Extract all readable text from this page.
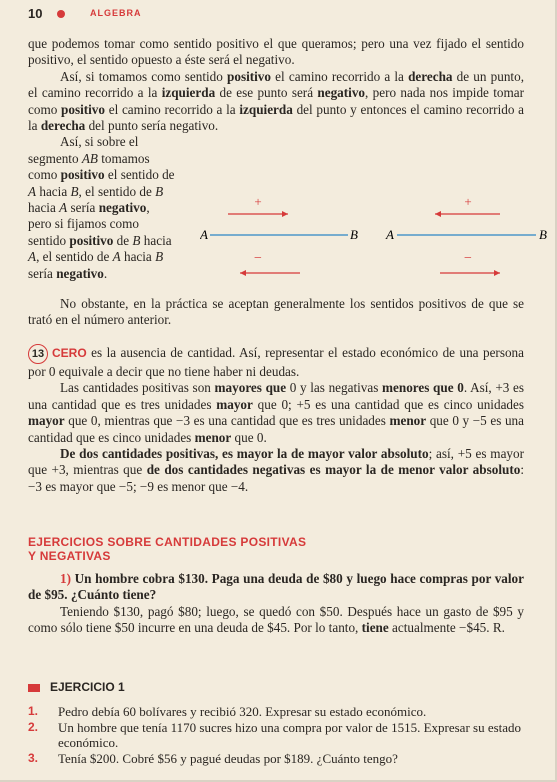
10	ALGEBRA

que podemos tomar como sentido positivo el que queramos; pero una vez fijado el sentido positivo, el sentido opuesto a éste será el negativo.

Así, si tomamos como sentido positivo el camino recorrido a la derecha de un punto, el camino recorrido a la izquierda de ese punto será negativo, pero nada nos impide tomar como positivo el camino recorrido a la izquierda del punto y entonces el camino recorrido a la derecha del punto sería negativo.

Así, si sobre el segmento AB tomamos como positivo el sentido de A hacia B, el sentido de B hacia A sería negativo, pero si fijamos como sentido positivo de B hacia A, el sentido de A hacia B sería negativo.

+	+
A	B A	B
−	−

No obstante, en la práctica se aceptan generalmente los sentidos positivos de que se trató en el número anterior.

13 CERO es la ausencia de cantidad. Así, representar el estado económico de una persona por 0 equivale a decir que no tiene haber ni deudas.

Las cantidades positivas son mayores que 0 y las negativas menores que 0. Así, +3 es una cantidad que es tres unidades mayor que 0; +5 es una cantidad que es cinco unidades mayor que 0, mientras que −3 es una cantidad que es tres unidades menor que 0 y −5 es una cantidad que es cinco unidades menor que 0.

De dos cantidades positivas, es mayor la de mayor valor absoluto; así, +5 es mayor que +3, mientras que de dos cantidades negativas es mayor la de menor valor absoluto: −3 es mayor que −5; −9 es menor que −4.

EJERCICIOS SOBRE CANTIDADES POSITIVAS
Y NEGATIVAS

1) Un hombre cobra $130. Paga una deuda de $80 y luego hace compras por valor de $95. ¿Cuánto tiene?

Teniendo $130, pagó $80; luego, se quedó con $50. Después hace un gasto de $95 y como sólo tiene $50 incurre en una deuda de $45. Por lo tanto, tiene actualmente −$45. R.

EJERCICIO 1
1.	Pedro debía 60 bolívares y recibió 320. Expresar su estado económico.
2.	Un hombre que tenía 1170 sucres hizo una compra por valor de 1515. Expresar su estado económico.
3.	Tenía $200. Cobré $56 y pagué deudas por $189. ¿Cuánto tengo?
